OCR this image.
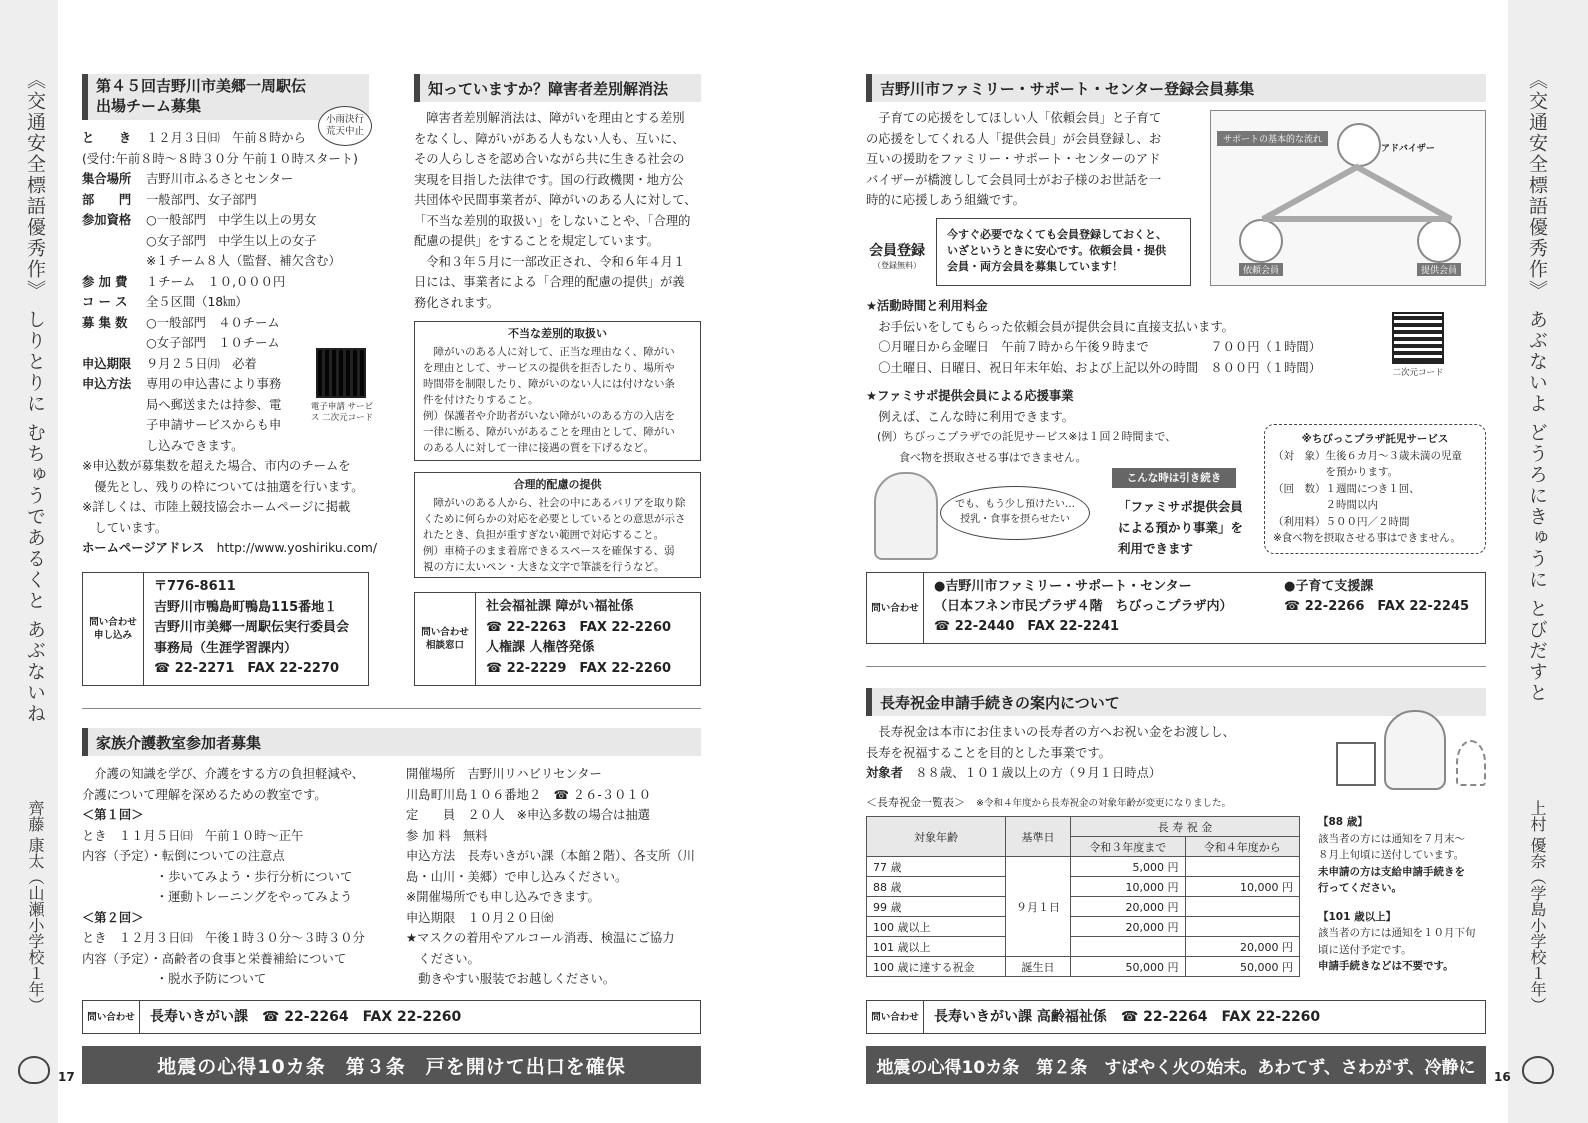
《交通安全標語優秀作》 しりとりに むちゅうであるくと あぶないね
齊藤 康太（山瀬小学校１年）
《交通安全標語優秀作》 あぶないよ どうろにきゅうに とびだすと
上村 優奈（学島小学校１年）
17	16
第４５回吉野川市美郷一周駅伝
出場チーム募集
小雨決行 荒天中止
と　　き １２月３日㈰　午前８時から
(受付:午前８時～８時３０分 午前１０時スタート)
集合場所 吉野川市ふるさとセンター
部　　門 一般部門、女子部門
参加資格 ○一般部門　中学生以上の男女
○女子部門　中学生以上の女子
※１チーム８人（監督、補欠含む）
参 加 費 １チーム　１０,０００円
コ ー ス 全５区間（18㎞）
募 集 数 ○一般部門　４０チーム
○女子部門　１０チーム
申込期限 ９月２５日㈪　必着
申込方法 専用の申込書により事務
局へ郵送または持参、電
子申請サービスからも申
し込みできます。
電子申請 サービス 二次元コード
※申込数が募集数を超えた場合、市内のチームを
　優先とし、残りの枠については抽選を行います。
※詳しくは、市陸上競技協会ホームページに掲載
　しています。
ホームページアドレス　 http://www.yoshiriku.com/
問い合わせ 申し込み
〒776-8611
吉野川市鴨島町鴨島115番地１
吉野川市美郷一周駅伝実行委員会
事務局（生涯学習課内）
☎ 22-2271　FAX 22-2270
知っていますか？障害者差別解消法
　障害者差別解消法は、障がいを理由とする差別
をなくし、障がいがある人もない人も、互いに、
その人らしさを認め合いながら共に生きる社会の
実現を目指した法律です。国の行政機関・地方公
共団体や民間事業者が、障がいのある人に対して、
「不当な差別的取扱い」をしないことや、「合理的
配慮の提供」をすることを規定しています。
　令和３年５月に一部改正され、令和６年４月１
日には、事業者による「合理的配慮の提供」が義
務化されます。
不当な差別的取扱い
　障がいのある人に対して、正当な理由なく、障がい
を理由として、サービスの提供を拒否したり、場所や
時間帯を制限したり、障がいのない人には付けない条
件を付けたりすること。
例）保護者や介助者がいない障がいのある方の入店を
一律に断る、障がいがあることを理由として、障がい
のある人に対して一律に接遇の質を下げるなど。
合理的配慮の提供
　障がいのある人から、社会の中にあるバリアを取り除
くために何らかの対応を必要としているとの意思が示さ
れたとき、負担が重すぎない範囲で対応すること。
例）車椅子のまま着席できるスペースを確保する、弱
視の方に太いペン・大きな文字で筆談を行うなど。
問い合わせ 相談窓口
社会福祉課 障がい福祉係
☎ 22-2263　FAX 22-2260
人権課 人権啓発係
☎ 22-2229　FAX 22-2260
家族介護教室参加者募集
　介護の知識を学び、介護をする方の負担軽減や、
介護について理解を深めるための教室です。
＜第１回＞
とき　１１月５日㈰　午前１０時～正午
内容（予定）・転倒についての注意点
　　　　　　・歩いてみよう・歩行分析について
　　　　　　・運動トレーニングをやってみよう
＜第２回＞
とき　１２月３日㈰　午後１時３０分～３時３０分
内容（予定）・高齢者の食事と栄養補給について
　　　　　　・脱水予防について
開催場所　吉野川リハビリセンター
川島町川島１０６番地２　☎ ２６-３０１０
定　　員　２０人　※申込多数の場合は抽選
参 加 料　無料
申込方法　長寿いきがい課（本館２階）、各支所（川
島・山川・美郷）で申し込みください。
※開催場所でも申し込みできます。
申込期限　１０月２０日㈮
★マスクの着用やアルコール消毒、検温にご協力
　ください。
　動きやすい服装でお越しください。
問い合わせ	長寿いきがい課　☎ 22-2264　FAX 22-2260
地震の心得10カ条　第３条　戸を開けて出口を確保
吉野川市ファミリー・サポート・センター登録会員募集
　子育ての応援をしてほしい人「依頼会員」と子育て
の応援をしてくれる人「提供会員」が会員登録し、お
互いの援助をファミリー・サポート・センターのアド
バイザーが橋渡しして会員同士がお子様のお世話を一
時的に応援しあう組織です。
会員登録
（登録無料）
今すぐ必要でなくても会員登録しておくと、
いざというときに安心です。依頼会員・提供
会員・両方会員を募集しています！
サポートの基本的な流れ
アドバイザー
依頼会員	提供会員
★活動時間と利用料金
　お手伝いをしてもらった依頼会員が提供会員に直接支払います。
　〇月曜日から金曜日　午前７時から午後９時まで　　　　　７００円（１時間）
　〇土曜日、日曜日、祝日年末年始、および上記以外の時間　８００円（１時間）	二次元コード
★ファミサポ提供会員による応援事業
　例えば、こんな時に利用できます。
　(例）ちびっこプラザでの託児サービス※は１回２時間まで、
　　　食べ物を摂取させる事はできません。
でも、もう少し預けたい…
授乳・食事を摂らせたい
こんな時は引き続き
「ファミサポ提供会員
による預かり事業」を
利用できます
※ちびっこプラザ託児サービス
（対　象）生後６カ月～３歳未満の児童
　　　　　を預かります。
（回　数）１週間につき１回、
　　　　　２時間以内
（利用料）５００円／２時間
※食べ物を摂取させる事はできません。
問い合わせ
●吉野川市ファミリー・サポート・センター
（日本フネン市民プラザ４階　ちびっこプラザ内）
☎ 22-2440　FAX 22-2241
●子育て支援課
☎ 22-2266　FAX 22-2245
長寿祝金申請手続きの案内について
　長寿祝金は本市にお住まいの長寿者の方へお祝い金をお渡しし、
長寿を祝福することを目的とした事業です。
対象者　 ８８歳、１０１歳以上の方（９月１日時点）
＜長寿祝金一覧表＞　 ※令和４年度から長寿祝金の対象年齢が変更になりました。
対象年齢	基準日	長 寿 祝 金	
		令和３年度まで	令和４年度から
77 歳	９月１日	5,000 円	
88 歳		10,000 円	10,000 円
99 歳		20,000 円	
100 歳以上		20,000 円	
101 歳以上			20,000 円
100 歳に達する祝金	誕生日	50,000 円	50,000 円
【88 歳】
該当者の方には通知を７月末～
８月上旬頃に送付しています。
未申請の方は支給申請手続きを
行ってください。
【101 歳以上】
該当者の方には通知を１０月下旬
頃に送付予定です。
申請手続きなどは不要です。
問い合わせ	長寿いきがい課 高齢福祉係　☎ 22-2264　FAX 22-2260
地震の心得10カ条　第２条　すばやく火の始末。あわてず、さわがず、冷静に
